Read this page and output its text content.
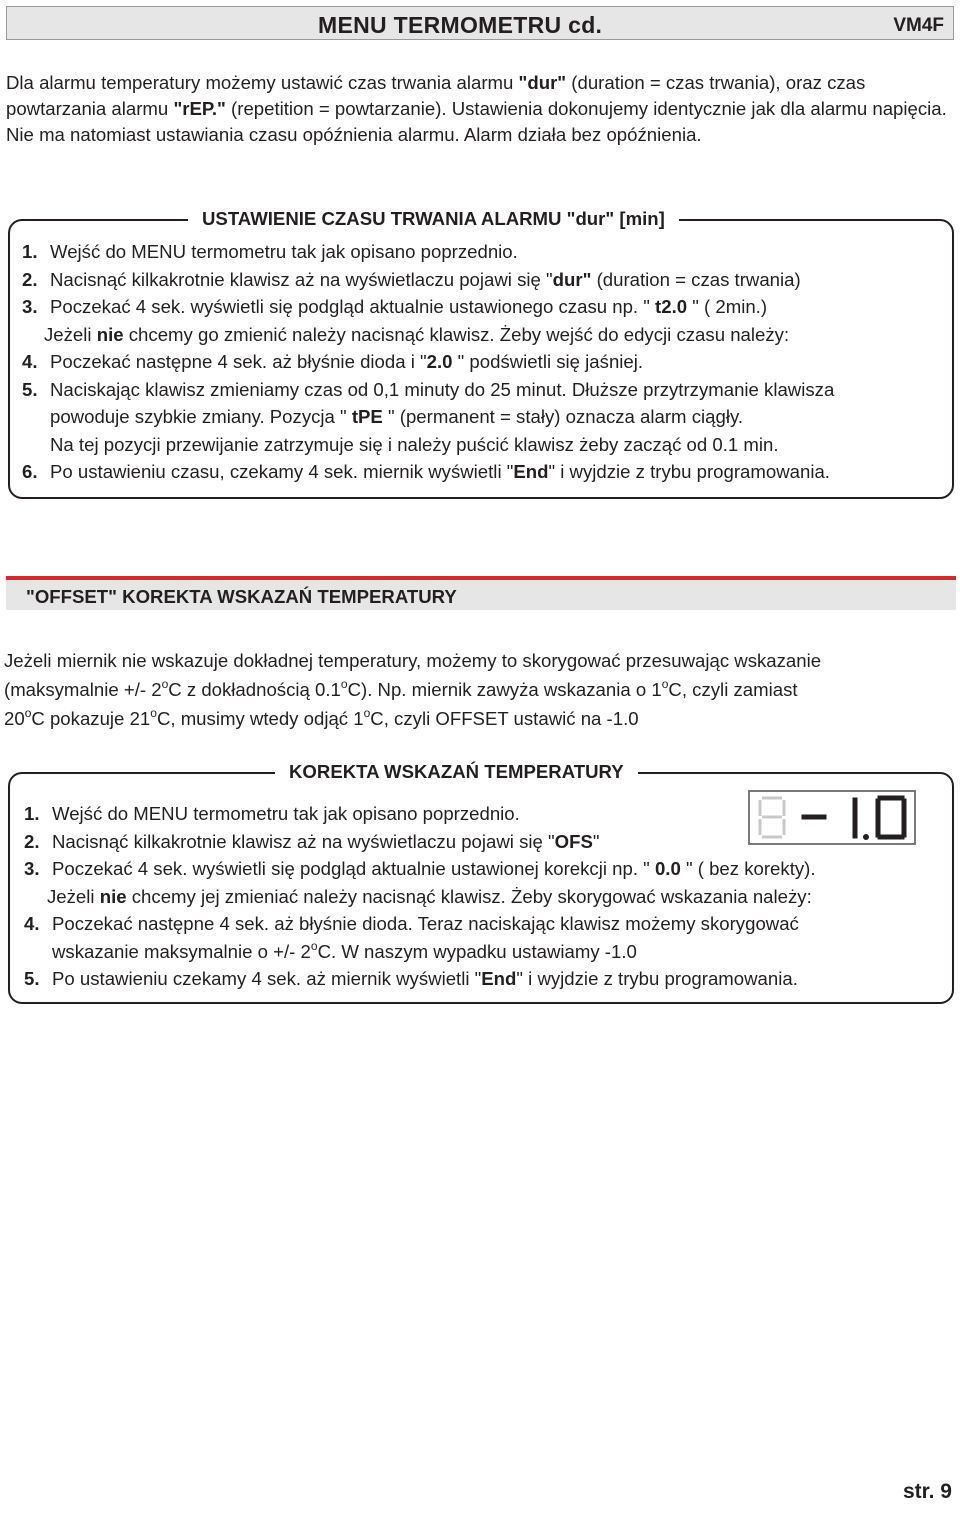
MENU TERMOMETRU cd.	VM4F
Dla alarmu temperatury możemy ustawić czas trwania alarmu "dur" (duration = czas trwania), oraz czas powtarzania alarmu "rEP." (repetition = powtarzanie). Ustawienia dokonujemy identycznie jak dla alarmu napięcia. Nie ma natomiast ustawiania czasu opóźnienia alarmu. Alarm działa bez opóźnienia.
USTAWIENIE CZASU TRWANIA ALARMU "dur" [min]
1. Wejść do MENU termometru tak jak opisano poprzednio.
2. Nacisnąć kilkakrotnie klawisz aż na wyświetlaczu pojawi się "dur" (duration = czas trwania)
3. Poczekać 4 sek. wyświetli się podgląd aktualnie ustawionego czasu np. " t2.0 " ( 2min.)
Jeżeli nie chcemy go zmienić należy nacisnąć klawisz. Żeby wejść do edycji czasu należy:
4. Poczekać następne 4 sek. aż błyśnie dioda i "2.0 " podświetli się jaśniej.
5. Naciskając klawisz zmieniamy czas od 0,1 minuty do 25 minut. Dłuższe przytrzymanie klawisza
powoduje szybkie zmiany. Pozycja " tPE " (permanent = stały) oznacza alarm ciągły.
Na tej pozycji przewijanie zatrzymuje się i należy puścić klawisz żeby zacząć od 0.1 min.
6. Po ustawieniu czasu, czekamy 4 sek. miernik wyświetli "End" i wyjdzie z trybu programowania.
"OFFSET" KOREKTA WSKAZAŃ TEMPERATURY
Jeżeli miernik nie wskazuje dokładnej temperatury, możemy to skorygować przesuwając wskazanie
(maksymalnie +/- 2$^o$C z dokładnością 0.1$^o$C). Np. miernik zawyża wskazania o 1$^o$C, czyli zamiast
20$^o$C pokazuje 21$^o$C, musimy wtedy odjąć 1$^o$C, czyli OFFSET ustawić na -1.0
KOREKTA WSKAZAŃ TEMPERATURY
1. Wejść do MENU termometru tak jak opisano poprzednio.
2. Nacisnąć kilkakrotnie klawisz aż na wyświetlaczu pojawi się "OFS"
3. Poczekać 4 sek. wyświetli się podgląd aktualnie ustawionej korekcji np. " 0.0 " ( bez korekty).
Jeżeli nie chcemy jej zmieniać należy nacisnąć klawisz. Żeby skorygować wskazania należy:
4. Poczekać następne 4 sek. aż błyśnie dioda. Teraz naciskając klawisz możemy skorygować
wskazanie maksymalnie o +/- 2$^o$C. W naszym wypadku ustawiamy -1.0
5. Po ustawieniu czekamy 4 sek. aż miernik wyświetli "End" i wyjdzie z trybu programowania.
str. 9
